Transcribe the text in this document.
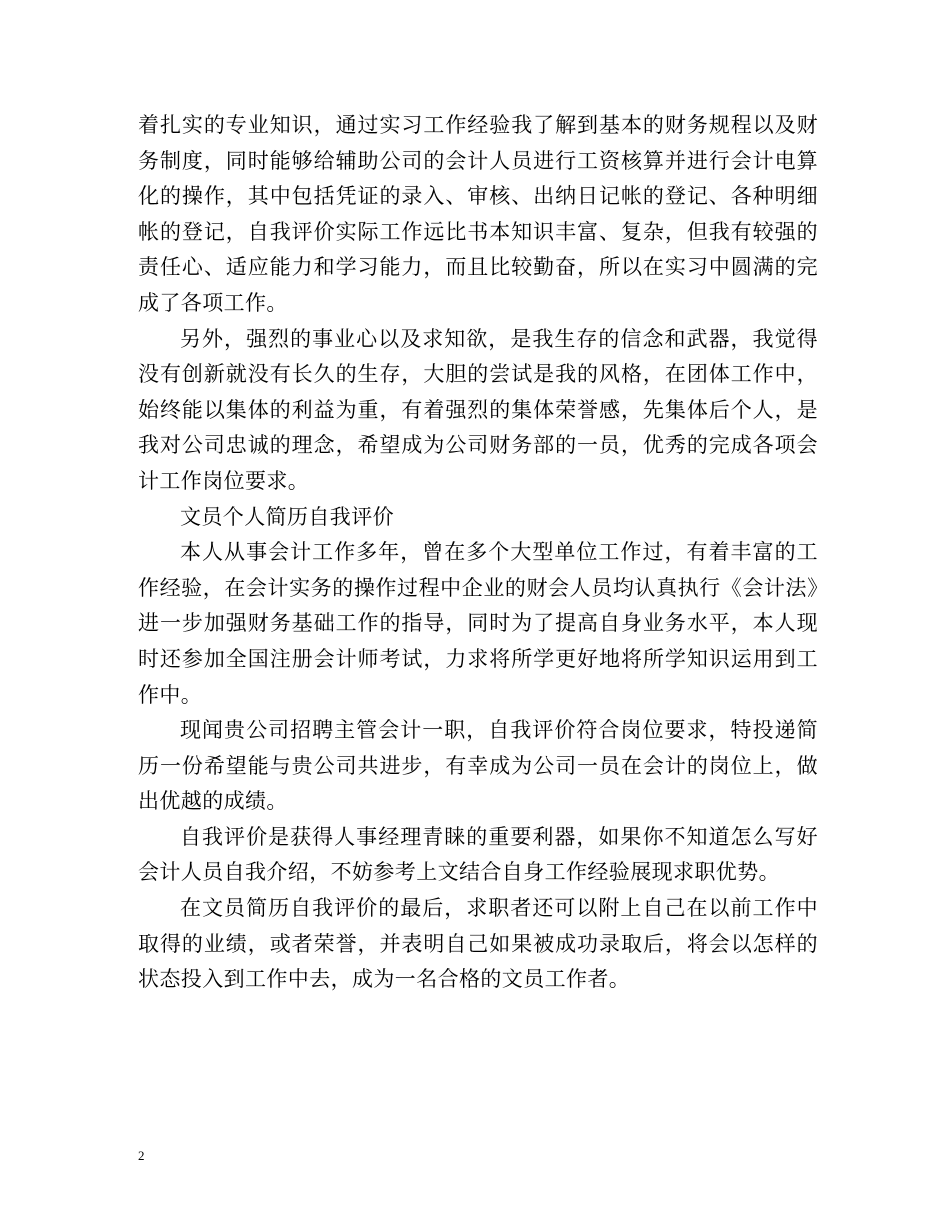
着扎实的专业知识，通过实习工作经验我了解到基本的财务规程以及财务制度，同时能够给辅助公司的会计人员进行工资核算并进行会计电算化的操作，其中包括凭证的录入、审核、出纳日记帐的登记、各种明细帐的登记，自我评价实际工作远比书本知识丰富、复杂，但我有较强的责任心、适应能力和学习能力，而且比较勤奋，所以在实习中圆满的完成了各项工作。

另外，强烈的事业心以及求知欲，是我生存的信念和武器，我觉得没有创新就没有长久的生存，大胆的尝试是我的风格，在团体工作中，始终能以集体的利益为重，有着强烈的集体荣誉感，先集体后个人，是我对公司忠诚的理念，希望成为公司财务部的一员，优秀的完成各项会计工作岗位要求。

文员个人简历自我评价

本人从事会计工作多年，曾在多个大型单位工作过，有着丰富的工作经验，在会计实务的操作过程中企业的财会人员均认真执行《会计法》进一步加强财务基础工作的指导，同时为了提高自身业务水平，本人现时还参加全国注册会计师考试，力求将所学更好地将所学知识运用到工作中。

现闻贵公司招聘主管会计一职，自我评价符合岗位要求，特投递简历一份希望能与贵公司共进步，有幸成为公司一员在会计的岗位上，做出优越的成绩。

自我评价是获得人事经理青睐的重要利器，如果你不知道怎么写好会计人员自我介绍，不妨参考上文结合自身工作经验展现求职优势。

在文员简历自我评价的最后，求职者还可以附上自己在以前工作中取得的业绩，或者荣誉，并表明自己如果被成功录取后，将会以怎样的状态投入到工作中去，成为一名合格的文员工作者。

2
